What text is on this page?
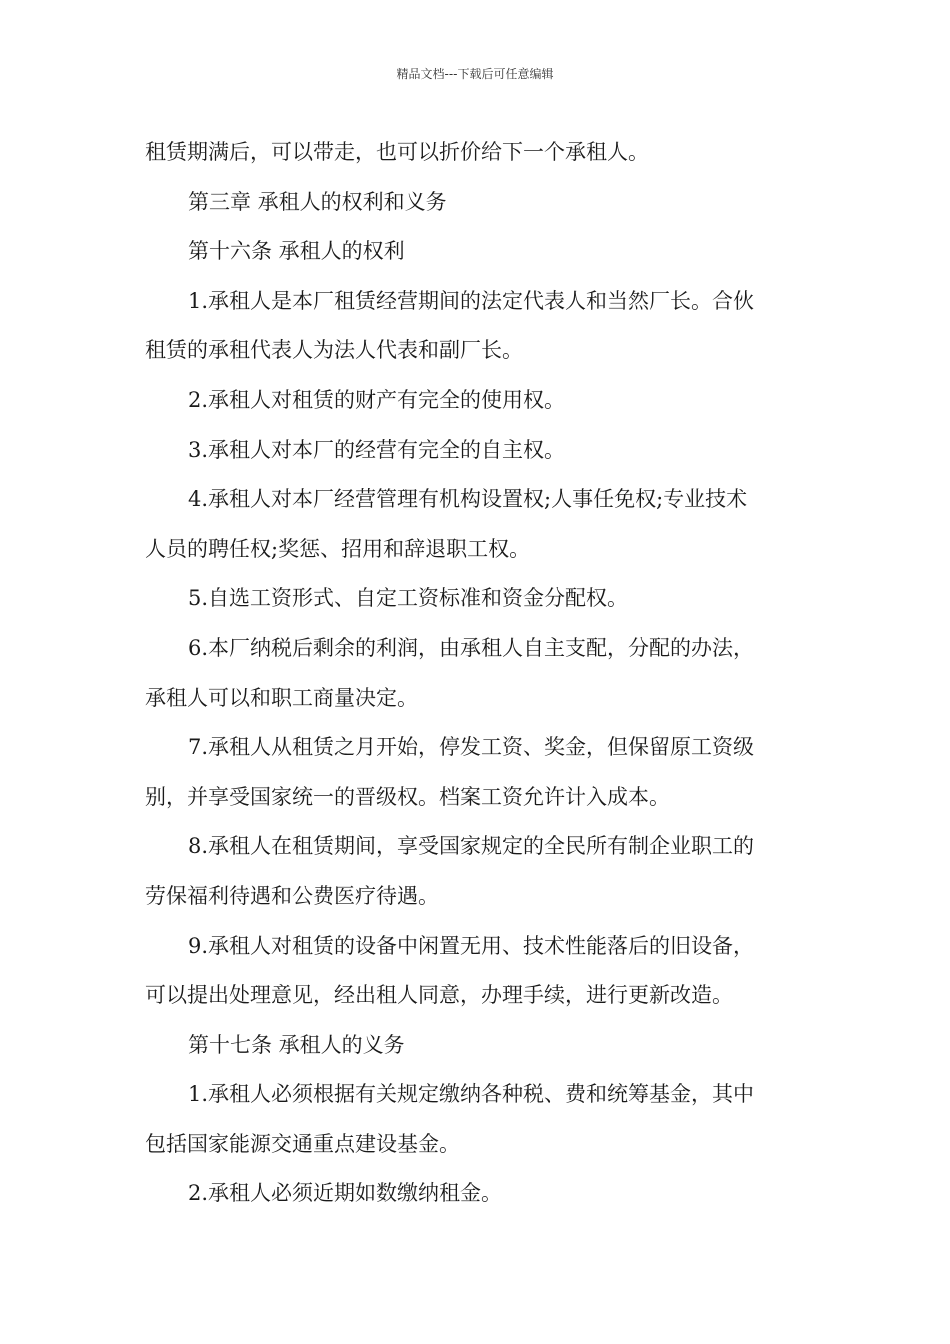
精品文档---下载后可任意编辑
租赁期满后，可以带走，也可以折价给下一个承租人。
第三章 承租人的权利和义务
第十六条 承租人的权利
1.承租人是本厂租赁经营期间的法定代表人和当然厂长。合伙
租赁的承租代表人为法人代表和副厂长。
2.承租人对租赁的财产有完全的使用权。
3.承租人对本厂的经营有完全的自主权。
4.承租人对本厂经营管理有机构设置权;人事任免权;专业技术
人员的聘任权;奖惩、招用和辞退职工权。
5.自选工资形式、自定工资标准和资金分配权。
6.本厂纳税后剩余的利润，由承租人自主支配，分配的办法，
承租人可以和职工商量决定。
7.承租人从租赁之月开始，停发工资、奖金，但保留原工资级
别，并享受国家统一的晋级权。档案工资允许计入成本。
8.承租人在租赁期间，享受国家规定的全民所有制企业职工的
劳保福利待遇和公费医疗待遇。
9.承租人对租赁的设备中闲置无用、技术性能落后的旧设备，
可以提出处理意见，经出租人同意，办理手续，进行更新改造。
第十七条 承租人的义务
1.承租人必须根据有关规定缴纳各种税、费和统筹基金，其中
包括国家能源交通重点建设基金。
2.承租人必须近期如数缴纳租金。
